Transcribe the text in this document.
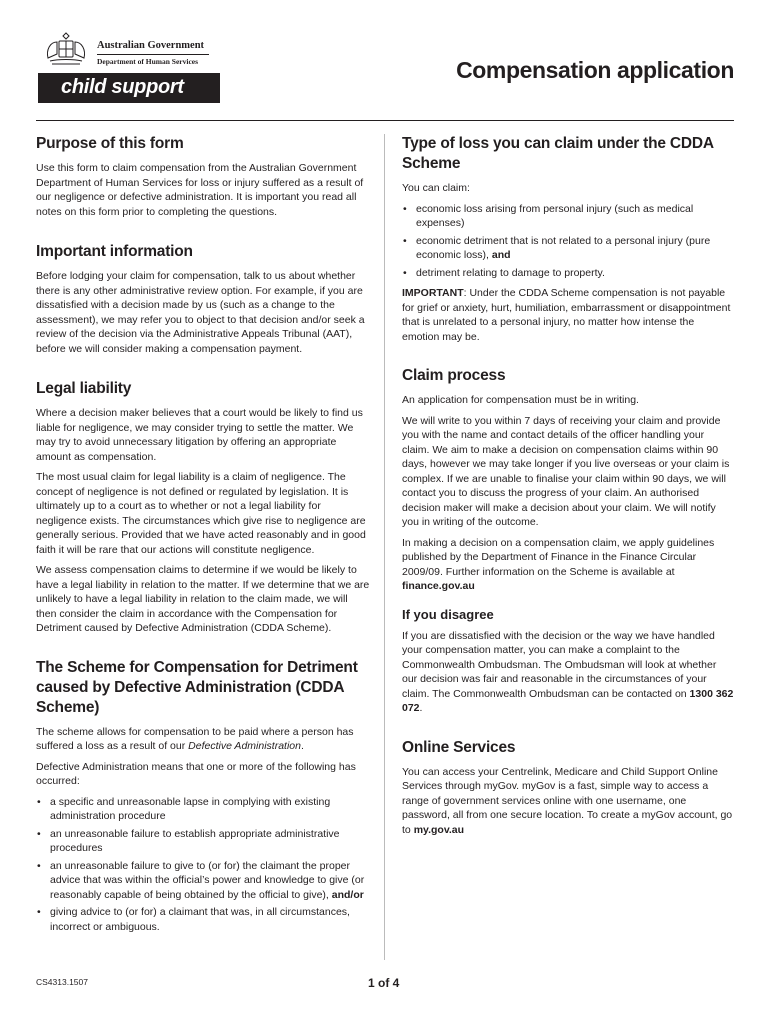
Australian Government
Department of Human Services
child support
Compensation application
Purpose of this form

Use this form to claim compensation from the Australian Government Department of Human Services for loss or injury suffered as a result of our negligence or defective administration. It is important you read all notes on this form prior to completing the questions.

Important information

Before lodging your claim for compensation, talk to us about whether there is any other administrative review option. For example, if you are dissatisfied with a decision made by us (such as a change to the assessment), we may refer you to object to that decision and/or seek a review of the decision via the Administrative Appeals Tribunal (AAT), before we will consider making a compensation payment.

Legal liability

Where a decision maker believes that a court would be likely to find us liable for negligence, we may consider trying to settle the matter. We may try to avoid unnecessary litigation by offering an appropriate amount as compensation.

The most usual claim for legal liability is a claim of negligence. The concept of negligence is not defined or regulated by legislation. It is ultimately up to a court as to whether or not a legal liability for negligence exists. The circumstances which give rise to negligence are generally serious. Provided that we have acted reasonably and in good faith it will be rare that our actions will constitute negligence.

We assess compensation claims to determine if we would be likely to have a legal liability in relation to the matter. If we determine that we are unlikely to have a legal liability in relation to the claim made, we will then consider the claim in accordance with the Compensation for Detriment caused by Defective Administration (CDDA Scheme).

The Scheme for Compensation for Detriment caused by Defective Administration (CDDA Scheme)

The scheme allows for compensation to be paid where a person has suffered a loss as a result of our Defective Administration.

Defective Administration means that one or more of the following has occurred:

• a specific and unreasonable lapse in complying with existing administration procedure
• an unreasonable failure to establish appropriate administrative procedures
• an unreasonable failure to give to (or for) the claimant the proper advice that was within the official’s power and knowledge to give (or reasonably capable of being obtained by the official to give), and/or
• giving advice to (or for) a claimant that was, in all circumstances, incorrect or ambiguous.
Type of loss you can claim under the CDDA Scheme

You can claim:

• economic loss arising from personal injury (such as medical expenses)
• economic detriment that is not related to a personal injury (pure economic loss), and
• detriment relating to damage to property.

IMPORTANT: Under the CDDA Scheme compensation is not payable for grief or anxiety, hurt, humiliation, embarrassment or disappointment that is unrelated to a personal injury, no matter how intense the emotion may be.

Claim process

An application for compensation must be in writing.

We will write to you within 7 days of receiving your claim and provide you with the name and contact details of the officer handling your claim. We aim to make a decision on compensation claims within 90 days, however we may take longer if you live overseas or your claim is complex. If we are unable to finalise your claim within 90 days, we will contact you to discuss the progress of your claim. An authorised decision maker will make a decision about your claim. We will notify you in writing of the outcome.

In making a decision on a compensation claim, we apply guidelines published by the Department of Finance in the Finance Circular 2009/09. Further information on the Scheme is available at finance.gov.au

If you disagree

If you are dissatisfied with the decision or the way we have handled your compensation matter, you can make a complaint to the Commonwealth Ombudsman. The Ombudsman will look at whether our decision was fair and reasonable in the circumstances of your claim. The Commonwealth Ombudsman can be contacted on 1300 362 072.

Online Services

You can access your Centrelink, Medicare and Child Support Online Services through myGov. myGov is a fast, simple way to access a range of government services online with one username, one password, all from one secure location. To create a myGov account, go to my.gov.au

CS4313.1507	1 of 4
